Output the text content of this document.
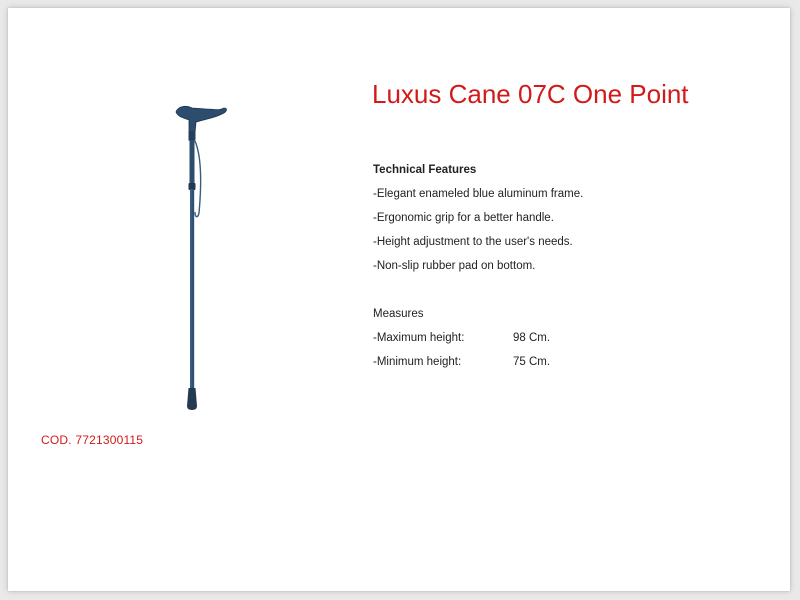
COD. 7721300115
Luxus Cane 07C One Point
Technical Features
-Elegant enameled blue aluminum frame.
-Ergonomic grip for a better handle.
-Height adjustment to the user's needs.
-Non-slip rubber pad on bottom.
Measures
-Maximum height:	98 Cm.
-Minimum height:	75 Cm.
